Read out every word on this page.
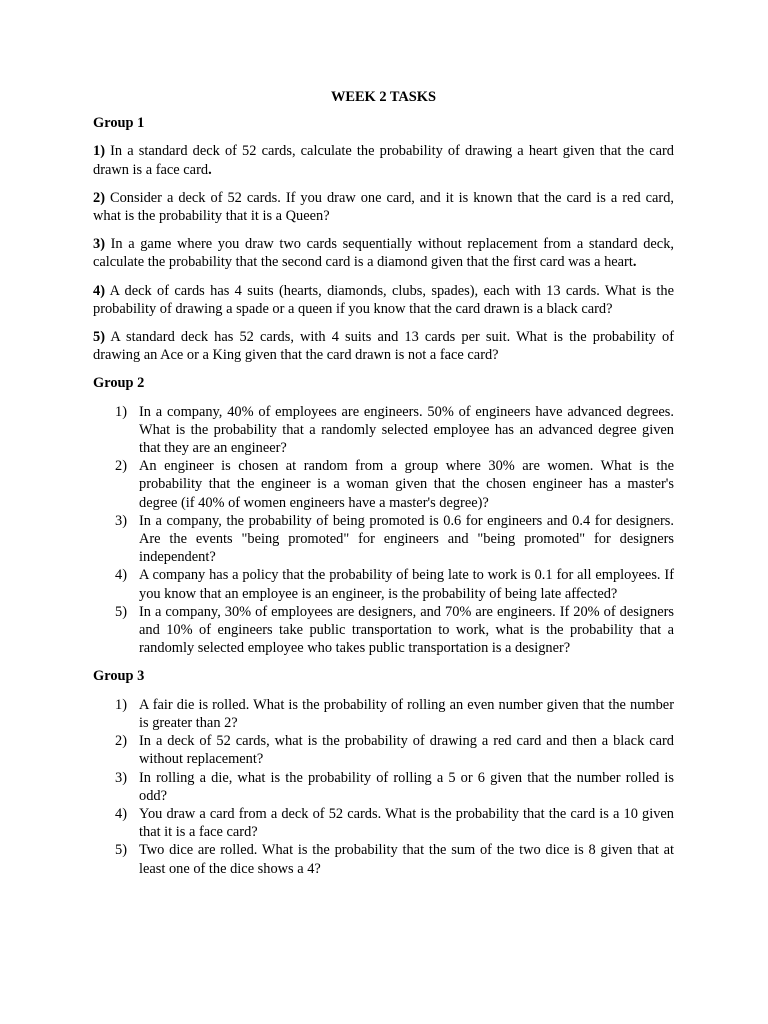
WEEK 2 TASKS
Group 1

1) In a standard deck of 52 cards, calculate the probability of drawing a heart given that the card drawn is a face card.

2) Consider a deck of 52 cards. If you draw one card, and it is known that the card is a red card, what is the probability that it is a Queen?

3) In a game where you draw two cards sequentially without replacement from a standard deck, calculate the probability that the second card is a diamond given that the first card was a heart.

4) A deck of cards has 4 suits (hearts, diamonds, clubs, spades), each with 13 cards. What is the probability of drawing a spade or a queen if you know that the card drawn is a black card?

5) A standard deck has 52 cards, with 4 suits and 13 cards per suit. What is the probability of drawing an Ace or a King given that the card drawn is not a face card?

Group 2
1) In a company, 40% of employees are engineers. 50% of engineers have advanced degrees. What is the probability that a randomly selected employee has an advanced degree given that they are an engineer?
2) An engineer is chosen at random from a group where 30% are women. What is the probability that the engineer is a woman given that the chosen engineer has a master's degree (if 40% of women engineers have a master's degree)?
3) In a company, the probability of being promoted is 0.6 for engineers and 0.4 for designers. Are the events "being promoted" for engineers and "being promoted" for designers independent?
4) A company has a policy that the probability of being late to work is 0.1 for all employees. If you know that an employee is an engineer, is the probability of being late affected?
5) In a company, 30% of employees are designers, and 70% are engineers. If 20% of designers and 10% of engineers take public transportation to work, what is the probability that a randomly selected employee who takes public transportation is a designer?
Group 3
1) A fair die is rolled. What is the probability of rolling an even number given that the number is greater than 2?
2) In a deck of 52 cards, what is the probability of drawing a red card and then a black card without replacement?
3) In rolling a die, what is the probability of rolling a 5 or 6 given that the number rolled is odd?
4) You draw a card from a deck of 52 cards. What is the probability that the card is a 10 given that it is a face card?
5) Two dice are rolled. What is the probability that the sum of the two dice is 8 given that at least one of the dice shows a 4?
